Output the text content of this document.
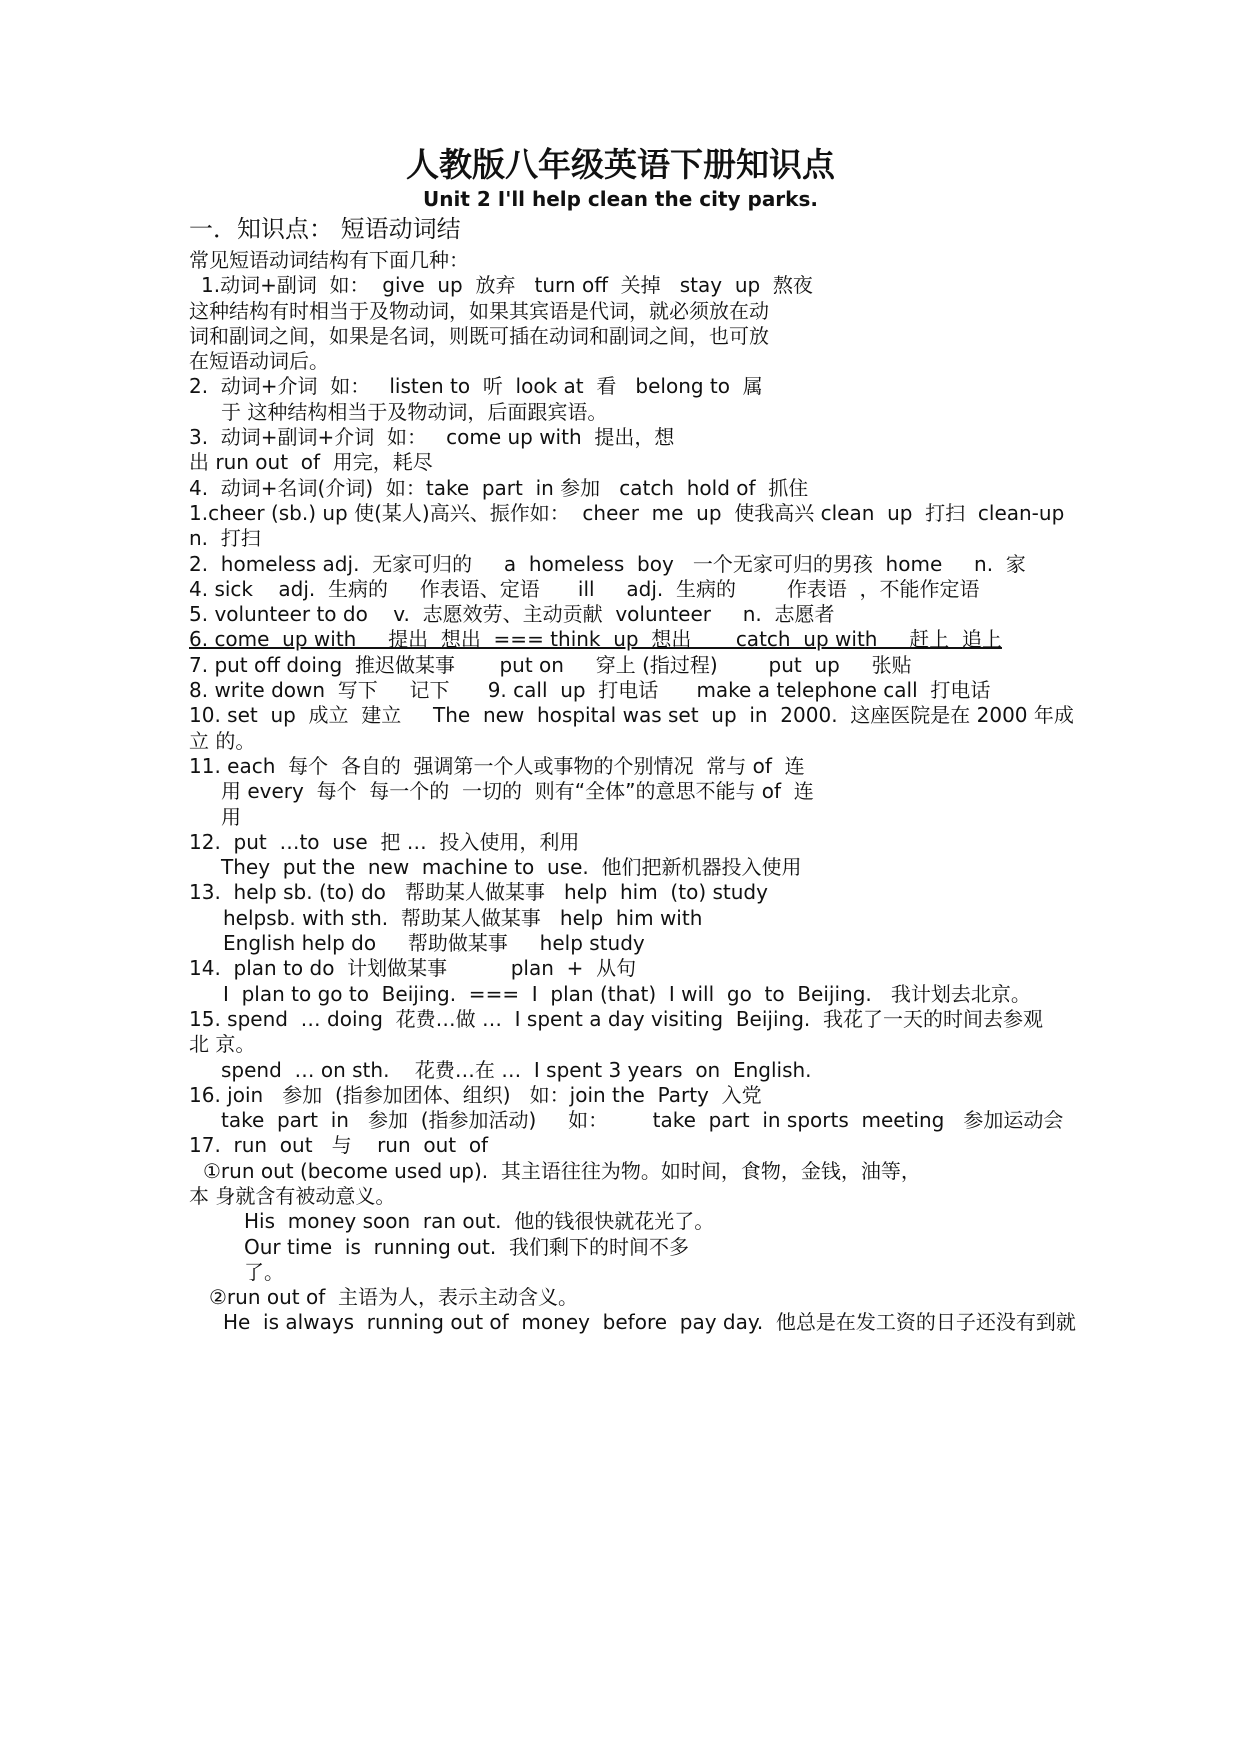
人教版八年级英语下册知识点
Unit 2 I'll help clean the city parks.
一．知识点： 短语动词结
常见短语动词结构有下面几种：
1.动词+副词  如：  give  up  放弃   turn off  关掉   stay  up  熬夜
这种结构有时相当于及物动词，如果其宾语是代词，就必须放在动
词和副词之间，如果是名词，则既可插在动词和副词之间，也可放
在短语动词后。
2.  动词+介词  如：   listen to  听  look at  看   belong to  属
于 这种结构相当于及物动词，后面跟宾语。
3.  动词+副词+介词  如：   come up with  提出，想
出 run out  of  用完，耗尽
4.  动词+名词(介词)  如：take  part  in 参加   catch  hold of  抓住
1.cheer (sb.) up 使(某人)高兴、振作如：  cheer  me  up  使我高兴 clean  up  打扫  clean-up
n.  打扫
2.  homeless adj.  无家可归的     a  homeless  boy   一个无家可归的男孩  home     n.  家
4. sick    adj.  生病的     作表语、定语      ill     adj.  生病的        作表语  ，不能作定语
5. volunteer to do    v.  志愿效劳、主动贡献  volunteer     n.  志愿者
6. come  up with     提出  想出  === think  up  想出       catch  up with     赶上  追上
7. put off doing  推迟做某事       put on     穿上 (指过程)        put  up     张贴
8. write down  写下     记下      9. call  up  打电话      make a telephone call  打电话
10. set  up  成立  建立     The  new  hospital was set  up  in  2000.  这座医院是在 2000 年成
立 的。
11. each  每个  各自的  强调第一个人或事物的个别情况  常与 of  连
用 every  每个  每一个的  一切的  则有“全体”的意思不能与 of  连
用
12.  put  …to  use  把 …  投入使用，利用
They  put the  new  machine to  use.  他们把新机器投入使用
13.  help sb. (to) do   帮助某人做某事   help  him  (to) study
helpsb. with sth.  帮助某人做某事   help  him with
English help do     帮助做某事     help study
14.  plan to do  计划做某事          plan  +  从句
I  plan to go to  Beijing.  ===  I  plan (that)  I will  go  to  Beijing.   我计划去北京。
15. spend  … doing  花费…做 …  I spent a day visiting  Beijing.  我花了一天的时间去参观
北 京。
spend  … on sth.    花费…在 …  I spent 3 years  on  English.
16. join   参加  (指参加团体、组织)   如：join the  Party  入党
take  part  in   参加  (指参加活动)     如：       take  part  in sports  meeting   参加运动会
17.  run  out   与    run  out  of
①run out (become used up).  其主语往往为物。如时间，食物，金钱，油等，
本 身就含有被动意义。
His  money soon  ran out.  他的钱很快就花光了。
Our time  is  running out.  我们剩下的时间不多
了。
②run out of  主语为人，表示主动含义。
He  is always  running out of  money  before  pay day.  他总是在发工资的日子还没有到就
